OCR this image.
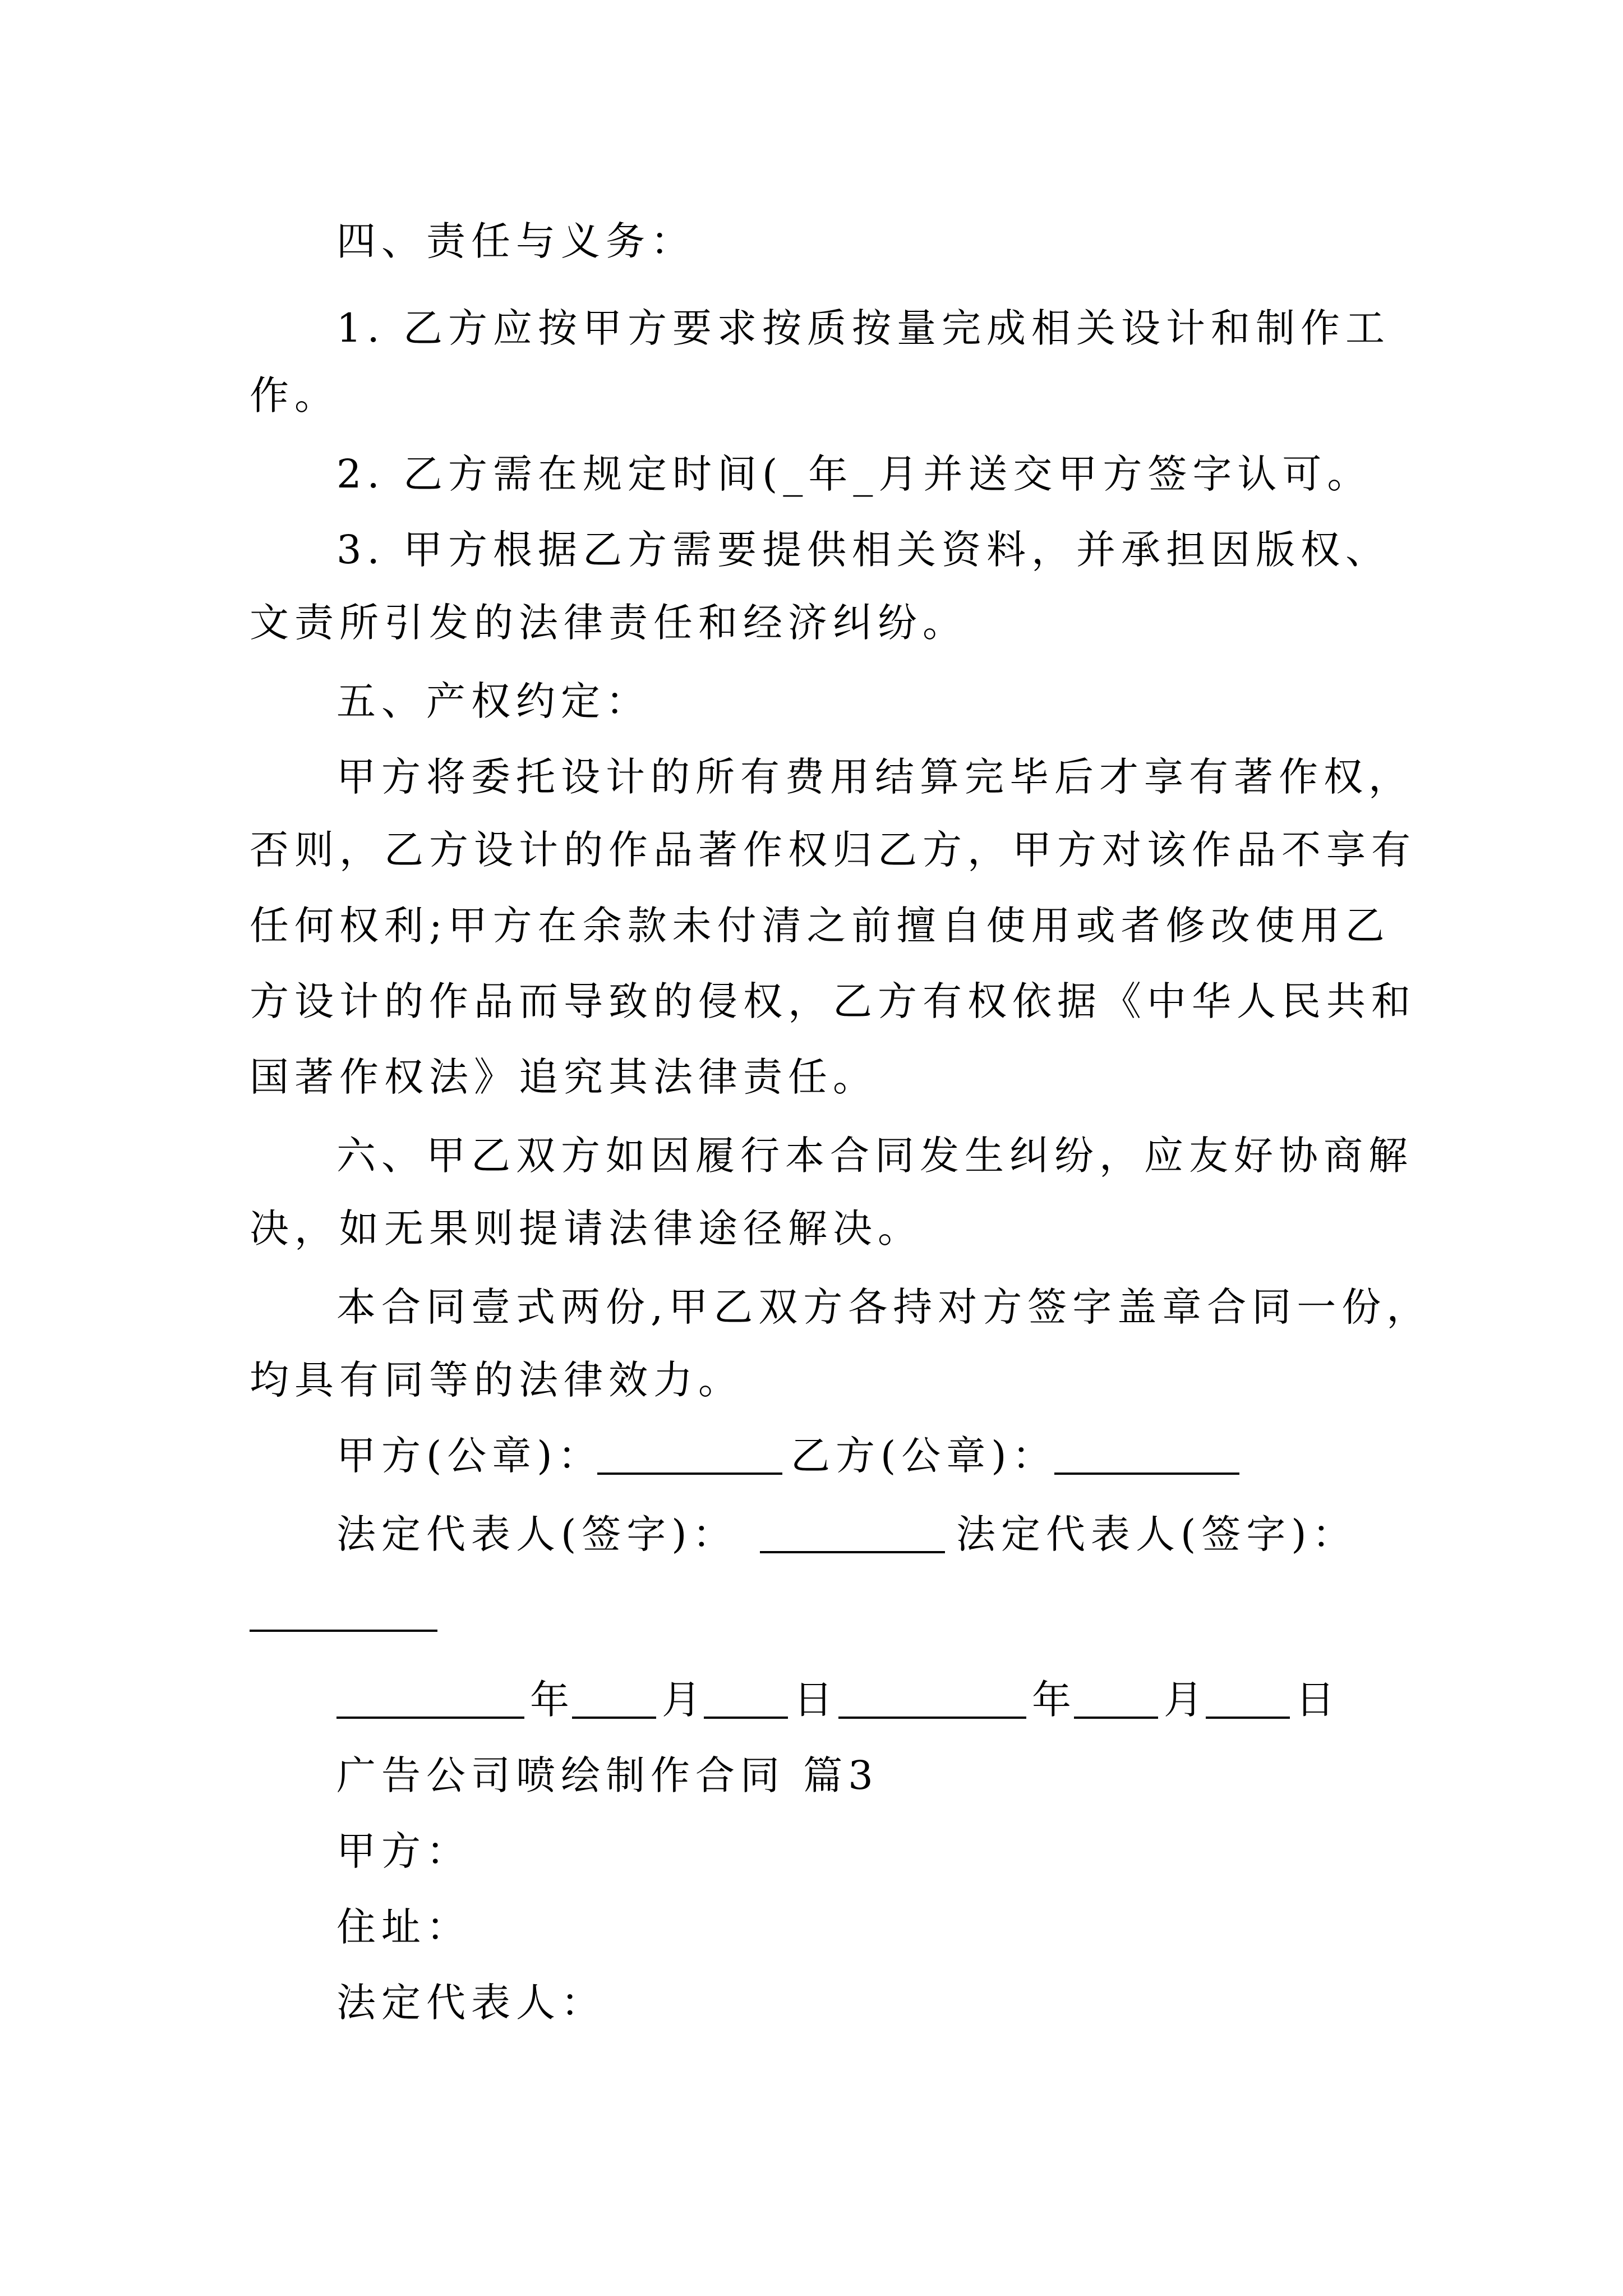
四、责任与义务：
1. 乙方应按甲方要求按质按量完成相关设计和制作工
作。
2. 乙方需在规定时间(_年_月并送交甲方签字认可。
3. 甲方根据乙方需要提供相关资料，并承担因版权、
文责所引发的法律责任和经济纠纷。
五、产权约定：
甲方将委托设计的所有费用结算完毕后才享有著作权，
否则，乙方设计的作品著作权归乙方，甲方对该作品不享有
任何权利;甲方在余款未付清之前擅自使用或者修改使用乙
方设计的作品而导致的侵权，乙方有权依据《中华人民共和
国著作权法》追究其法律责任。
六、甲乙双方如因履行本合同发生纠纷，应友好协商解
决，如无果则提请法律途径解决。
本合同壹式两份,甲乙双方各持对方签字盖章合同一份，
均具有同等的法律效力。
甲方(公章)：	乙方(公章)：
法定代表人(签字)：	法定代表人(签字)：
年 月 日	年 月 日
广告公司喷绘制作合同 篇3
甲方：
住址：
法定代表人：
